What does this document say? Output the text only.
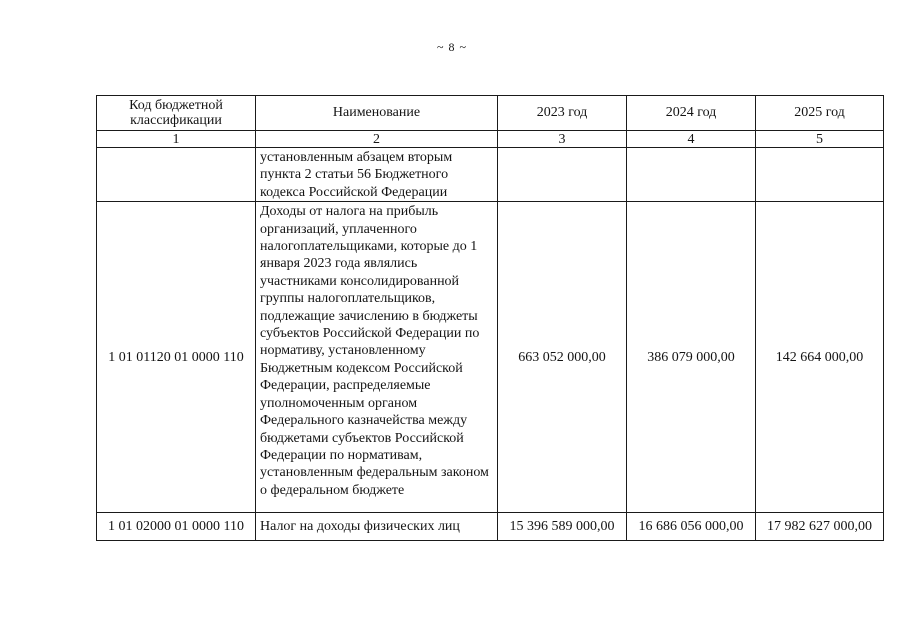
~ 8 ~
Код бюджетной классификации	Наименование	2023 год	2024 год	2025 год
1	2	3	4	5
	установленным абзацем вторым пункта 2 статьи 56 Бюджетного кодекса Российской Федерации			
1 01 01120 01 0000 110	Доходы от налога на прибыль организаций, уплаченного налогоплательщиками, которые до 1 января 2023 года являлись участниками консолидированной группы налогоплательщиков, подлежащие зачислению в бюджеты субъектов Российской Федерации по нормативу, установленному Бюджетным кодексом Российской Федерации, распределяемые уполномоченным органом Федерального казначейства между бюджетами субъектов Российской Федерации по нормативам, установленным федеральным законом о федеральном бюджете	663 052 000,00	386 079 000,00	142 664 000,00
1 01 02000 01 0000 110	Налог на доходы физических лиц	15 396 589 000,00	16 686 056 000,00	17 982 627 000,00
